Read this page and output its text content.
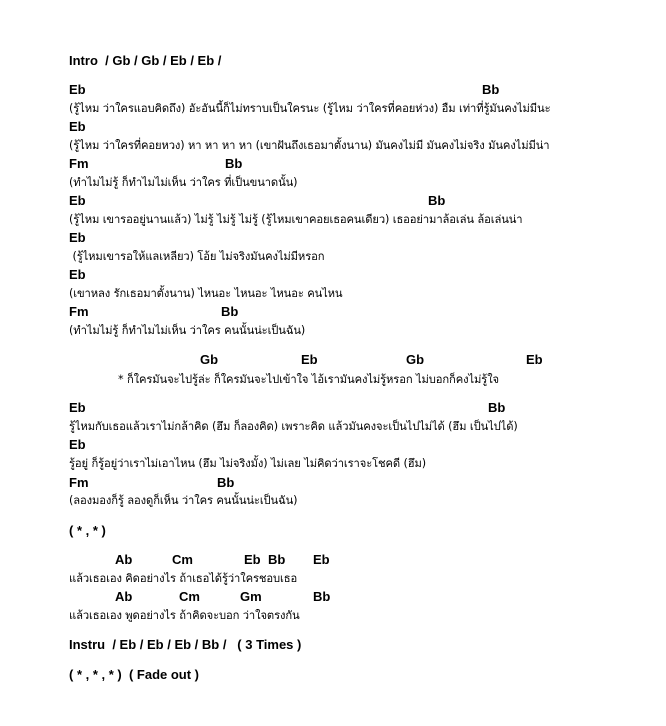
Intro  / Gb / Gb / Eb / Eb /

Eb

	Bb

(รู้ไหม ว่าใครแอบคิดถึง) อัะอันนี้ก็ไม่ทราบเป็นใครนะ (รู้ไหม ว่าใครที่คอยห่วง) อืม เท่าที่รู้มันคงไม่มีนะ

Eb

(รู้ไหม ว่าใครที่คอยหวง) หา หา หา หา (เขาฝันถึงเธอมาตั้งนาน) มันคงไม่มี มันคงไม่จริง มันคงไม่มีน่า

Fm

	Bb

(ทำไมไม่รู้ ก็ทำไมไม่เห็น ว่าใคร ที่เป็นขนาดนั้น)

Eb

	Bb

(รู้ไหม เขารออยู่นานแล้ว) ไม่รู้ ไม่รู้ ไม่รู้ (รู้ไหมเขาคอยเธอคนเดียว) เธออย่ามาล้อเล่น ล้อเล่นน่า

Eb

(รู้ไหมเขารอให้แลเหลียว) โอ้ย ไม่จริงมันคงไม่มีหรอก

Eb

(เขาหลง รักเธอมาตั้งนาน) ไหนอะ ไหนอะ ไหนอะ คนไหน

Fm

	Bb

(ทำไมไม่รู้ ก็ทำไมไม่เห็น ว่าใคร คนนั้นน่ะเป็นฉัน)

Gb

	Eb

	Gb

	Eb

* ก็ใครมันจะไปรู้ล่ะ ก็ใครมันจะไปเข้าใจ ไอ้เรามันคงไม่รู้หรอก ไม่บอกก็คงไม่รู้ใจ

Eb

	Bb

รู้ไหมกับเธอแล้วเราไม่กล้าคิด (ฮึม ก็ลองคิด) เพราะคิด แล้วมันคงจะเป็นไปไม่ได้ (ฮึม เป็นไปได้)

Eb

รู้อยู่ ก็รู้อยู่ว่าเราไม่เอาไหน (ฮึม ไม่จริงมั้ง) ไม่เลย ไม่คิดว่าเราจะโชคดี (ฮึม)

Fm

	Bb

(ลองมองก็รู้ ลองดูก็เห็น ว่าใคร คนนั้นน่ะเป็นฉัน)
( * , * )

Ab

	Cm

	Eb

Bb

Eb

แล้วเธอเอง คิดอย่างไร ถ้าเธอได้รู้ว่าใครชอบเธอ

Ab

	Cm

	Gm

	Bb

แล้วเธอเอง พูดอย่างไร ถ้าคิดจะบอก ว่าใจตรงกัน
Instru  / Eb / Eb / Eb / Bb /   ( 3 Times )
( * , * , * )  ( Fade out )
